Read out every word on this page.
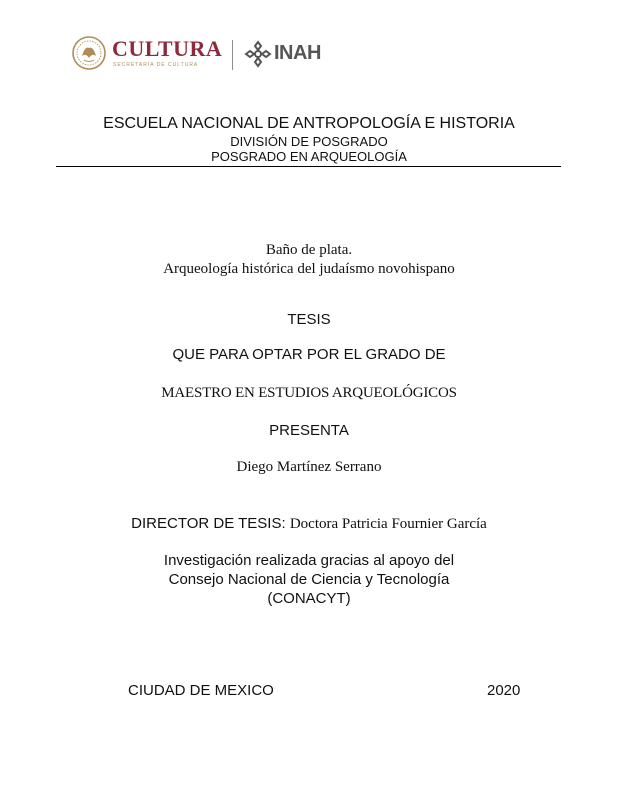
CULTURA
SECRETARÍA DE CULTURA
INAH
ESCUELA NACIONAL DE ANTROPOLOGÍA E HISTORIA
DIVISIÓN DE POSGRADO
POSGRADO EN ARQUEOLOGÍA
Baño de plata.
Arqueología histórica del judaísmo novohispano
TESIS
QUE PARA OPTAR POR EL GRADO DE
MAESTRO EN ESTUDIOS ARQUEOLÓGICOS
PRESENTA
Diego Martínez Serrano
DIRECTOR DE TESIS: Doctora Patricia Fournier García
Investigación realizada gracias al apoyo del
Consejo Nacional de Ciencia y Tecnología
(CONACYT)
CIUDAD DE MEXICO	2020
